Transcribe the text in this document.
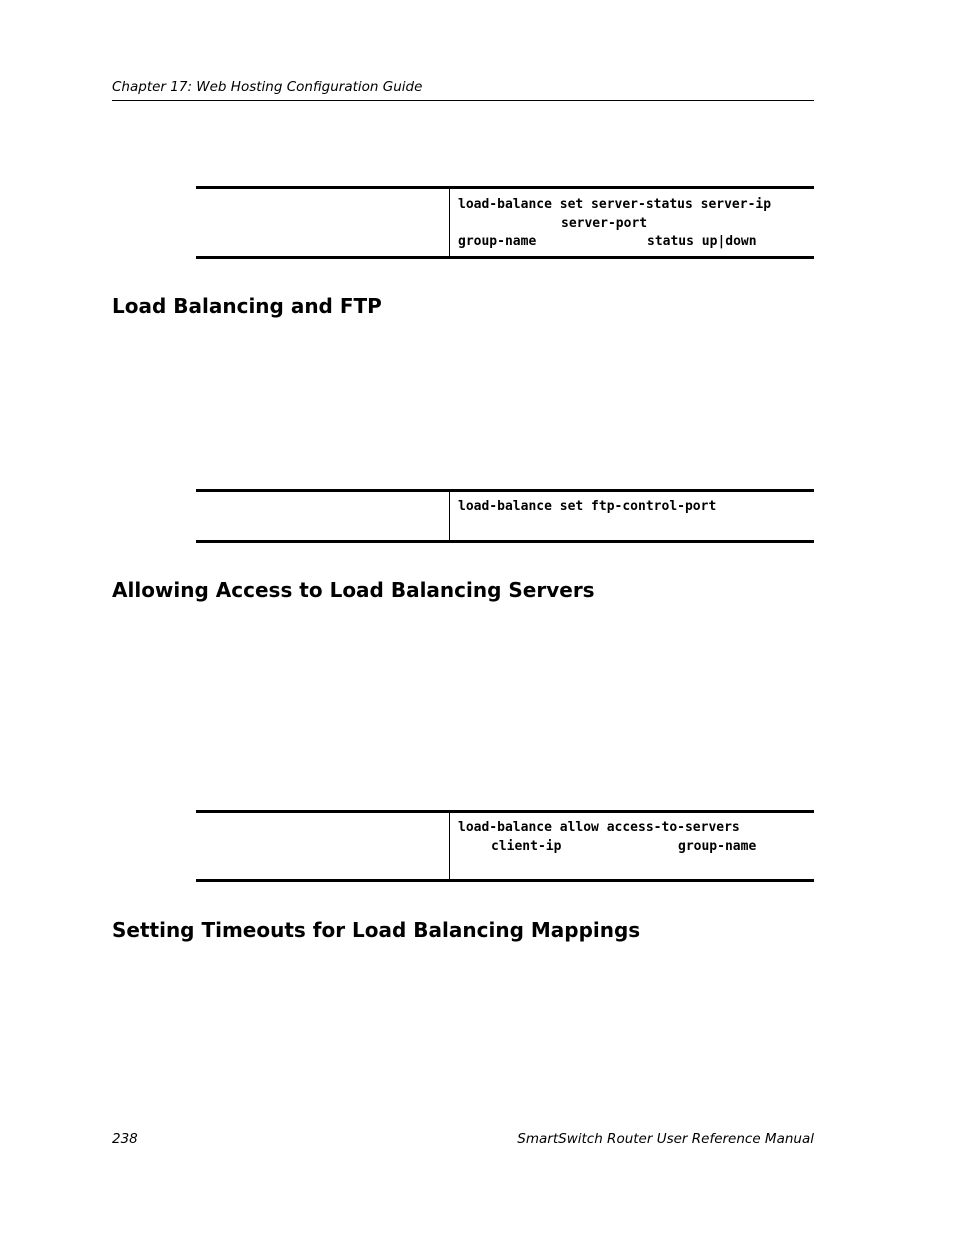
Chapter 17: Web Hosting Configuration Guide
load-balance set server-status server-ip
server-port
group-name	status up|down
Load Balancing and FTP
load-balance set ftp-control-port
Allowing Access to Load Balancing Servers
load-balance allow access-to-servers
client-ip	group-name
Setting Timeouts for Load Balancing Mappings
238	SmartSwitch Router User Reference Manual
